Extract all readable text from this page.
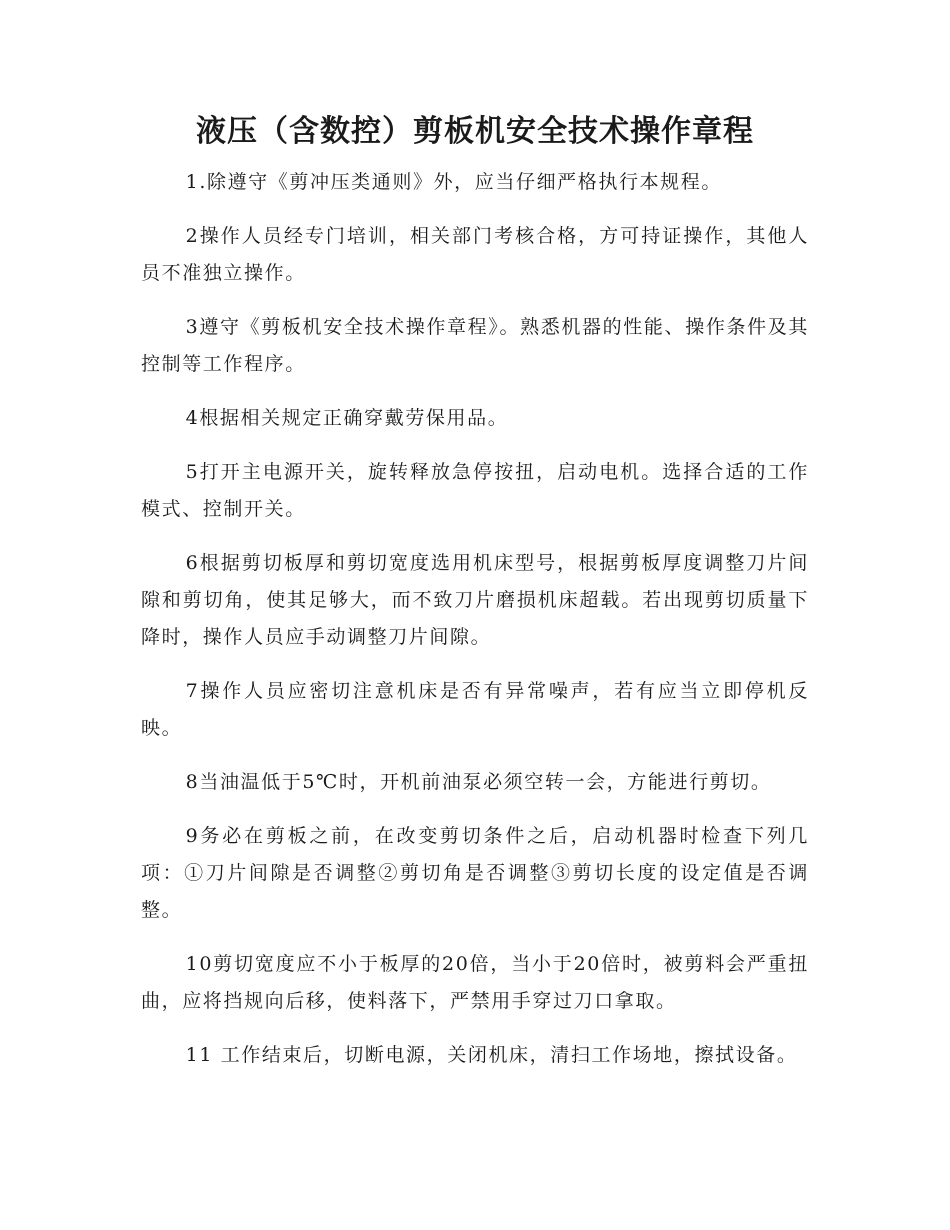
液压（含数控）剪板机安全技术操作章程

1.除遵守《剪冲压类通则》外，应当仔细严格执行本规程。

2操作人员经专门培训，相关部门考核合格，方可持证操作，其他人员不准独立操作。

3遵守《剪板机安全技术操作章程》。熟悉机器的性能、操作条件及其控制等工作程序。

4根据相关规定正确穿戴劳保用品。

5打开主电源开关，旋转释放急停按扭，启动电机。选择合适的工作模式、控制开关。

6根据剪切板厚和剪切宽度选用机床型号，根据剪板厚度调整刀片间隙和剪切角，使其足够大，而不致刀片磨损机床超载。若出现剪切质量下降时，操作人员应手动调整刀片间隙。

7操作人员应密切注意机床是否有异常噪声，若有应当立即停机反映。

8当油温低于5℃时，开机前油泵必须空转一会，方能进行剪切。

9务必在剪板之前，在改变剪切条件之后，启动机器时检查下列几项：①刀片间隙是否调整②剪切角是否调整③剪切长度的设定值是否调整。

10剪切宽度应不小于板厚的20倍，当小于20倍时，被剪料会严重扭曲，应将挡规向后移，使料落下，严禁用手穿过刀口拿取。

11 工作结束后，切断电源，关闭机床，清扫工作场地，擦拭设备。
